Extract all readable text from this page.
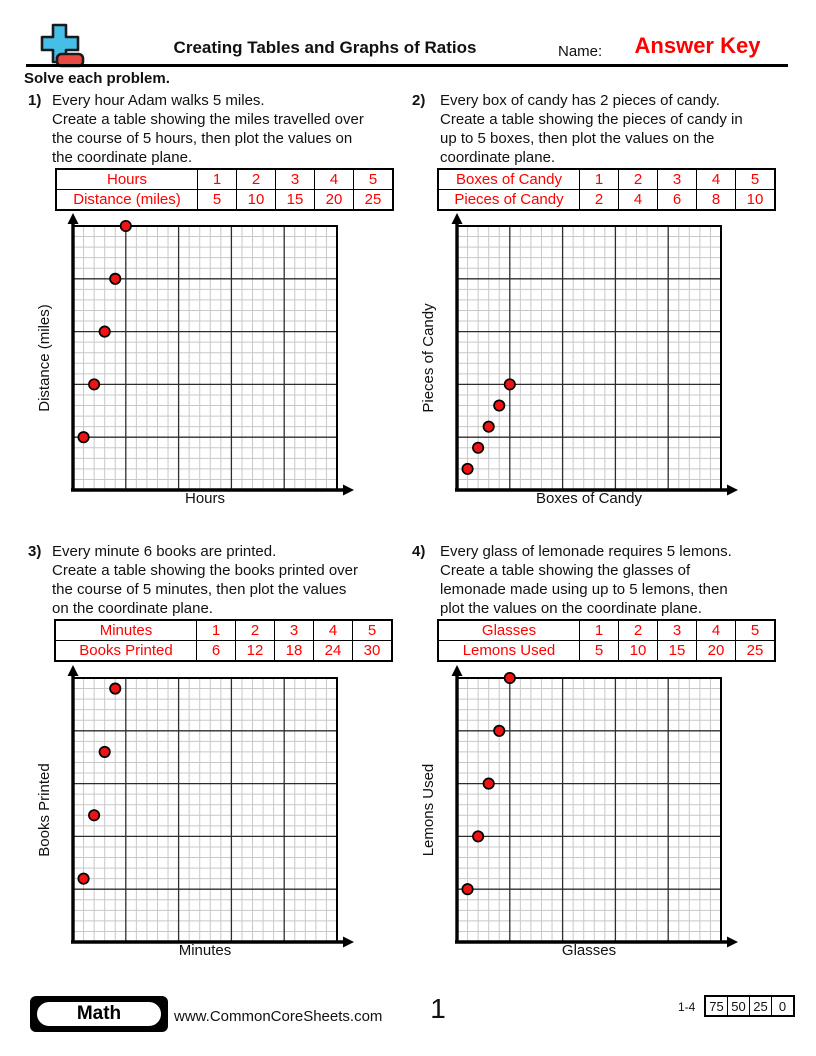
Creating Tables and Graphs of Ratios	Name:	Answer Key
Solve each problem.
1) Every hour Adam walks 5 miles.
Create a table showing the miles travelled over
the course of 5 hours, then plot the values on
the coordinate plane.
Hours	1	2	3	4	5
Distance (miles)	5	10	15	20	25
Distance (miles)
Hours
2) Every box of candy has 2 pieces of candy.
Create a table showing the pieces of candy in
up to 5 boxes, then plot the values on the
coordinate plane.
Boxes of Candy	1	2	3	4	5
Pieces of Candy	2	4	6	8	10
Pieces of Candy
Boxes of Candy
3) Every minute 6 books are printed.
Create a table showing the books printed over
the course of 5 minutes, then plot the values
on the coordinate plane.
Minutes	1	2	3	4	5
Books Printed	6	12	18	24	30
Books Printed
Minutes
4) Every glass of lemonade requires 5 lemons.
Create a table showing the glasses of
lemonade made using up to 5 lemons, then
plot the values on the coordinate plane.
Glasses	1	2	3	4	5
Lemons Used	5	10	15	20	25
Lemons Used
Glasses
Math	www.CommonCoreSheets.com	1	1-4 75	50	25	0
